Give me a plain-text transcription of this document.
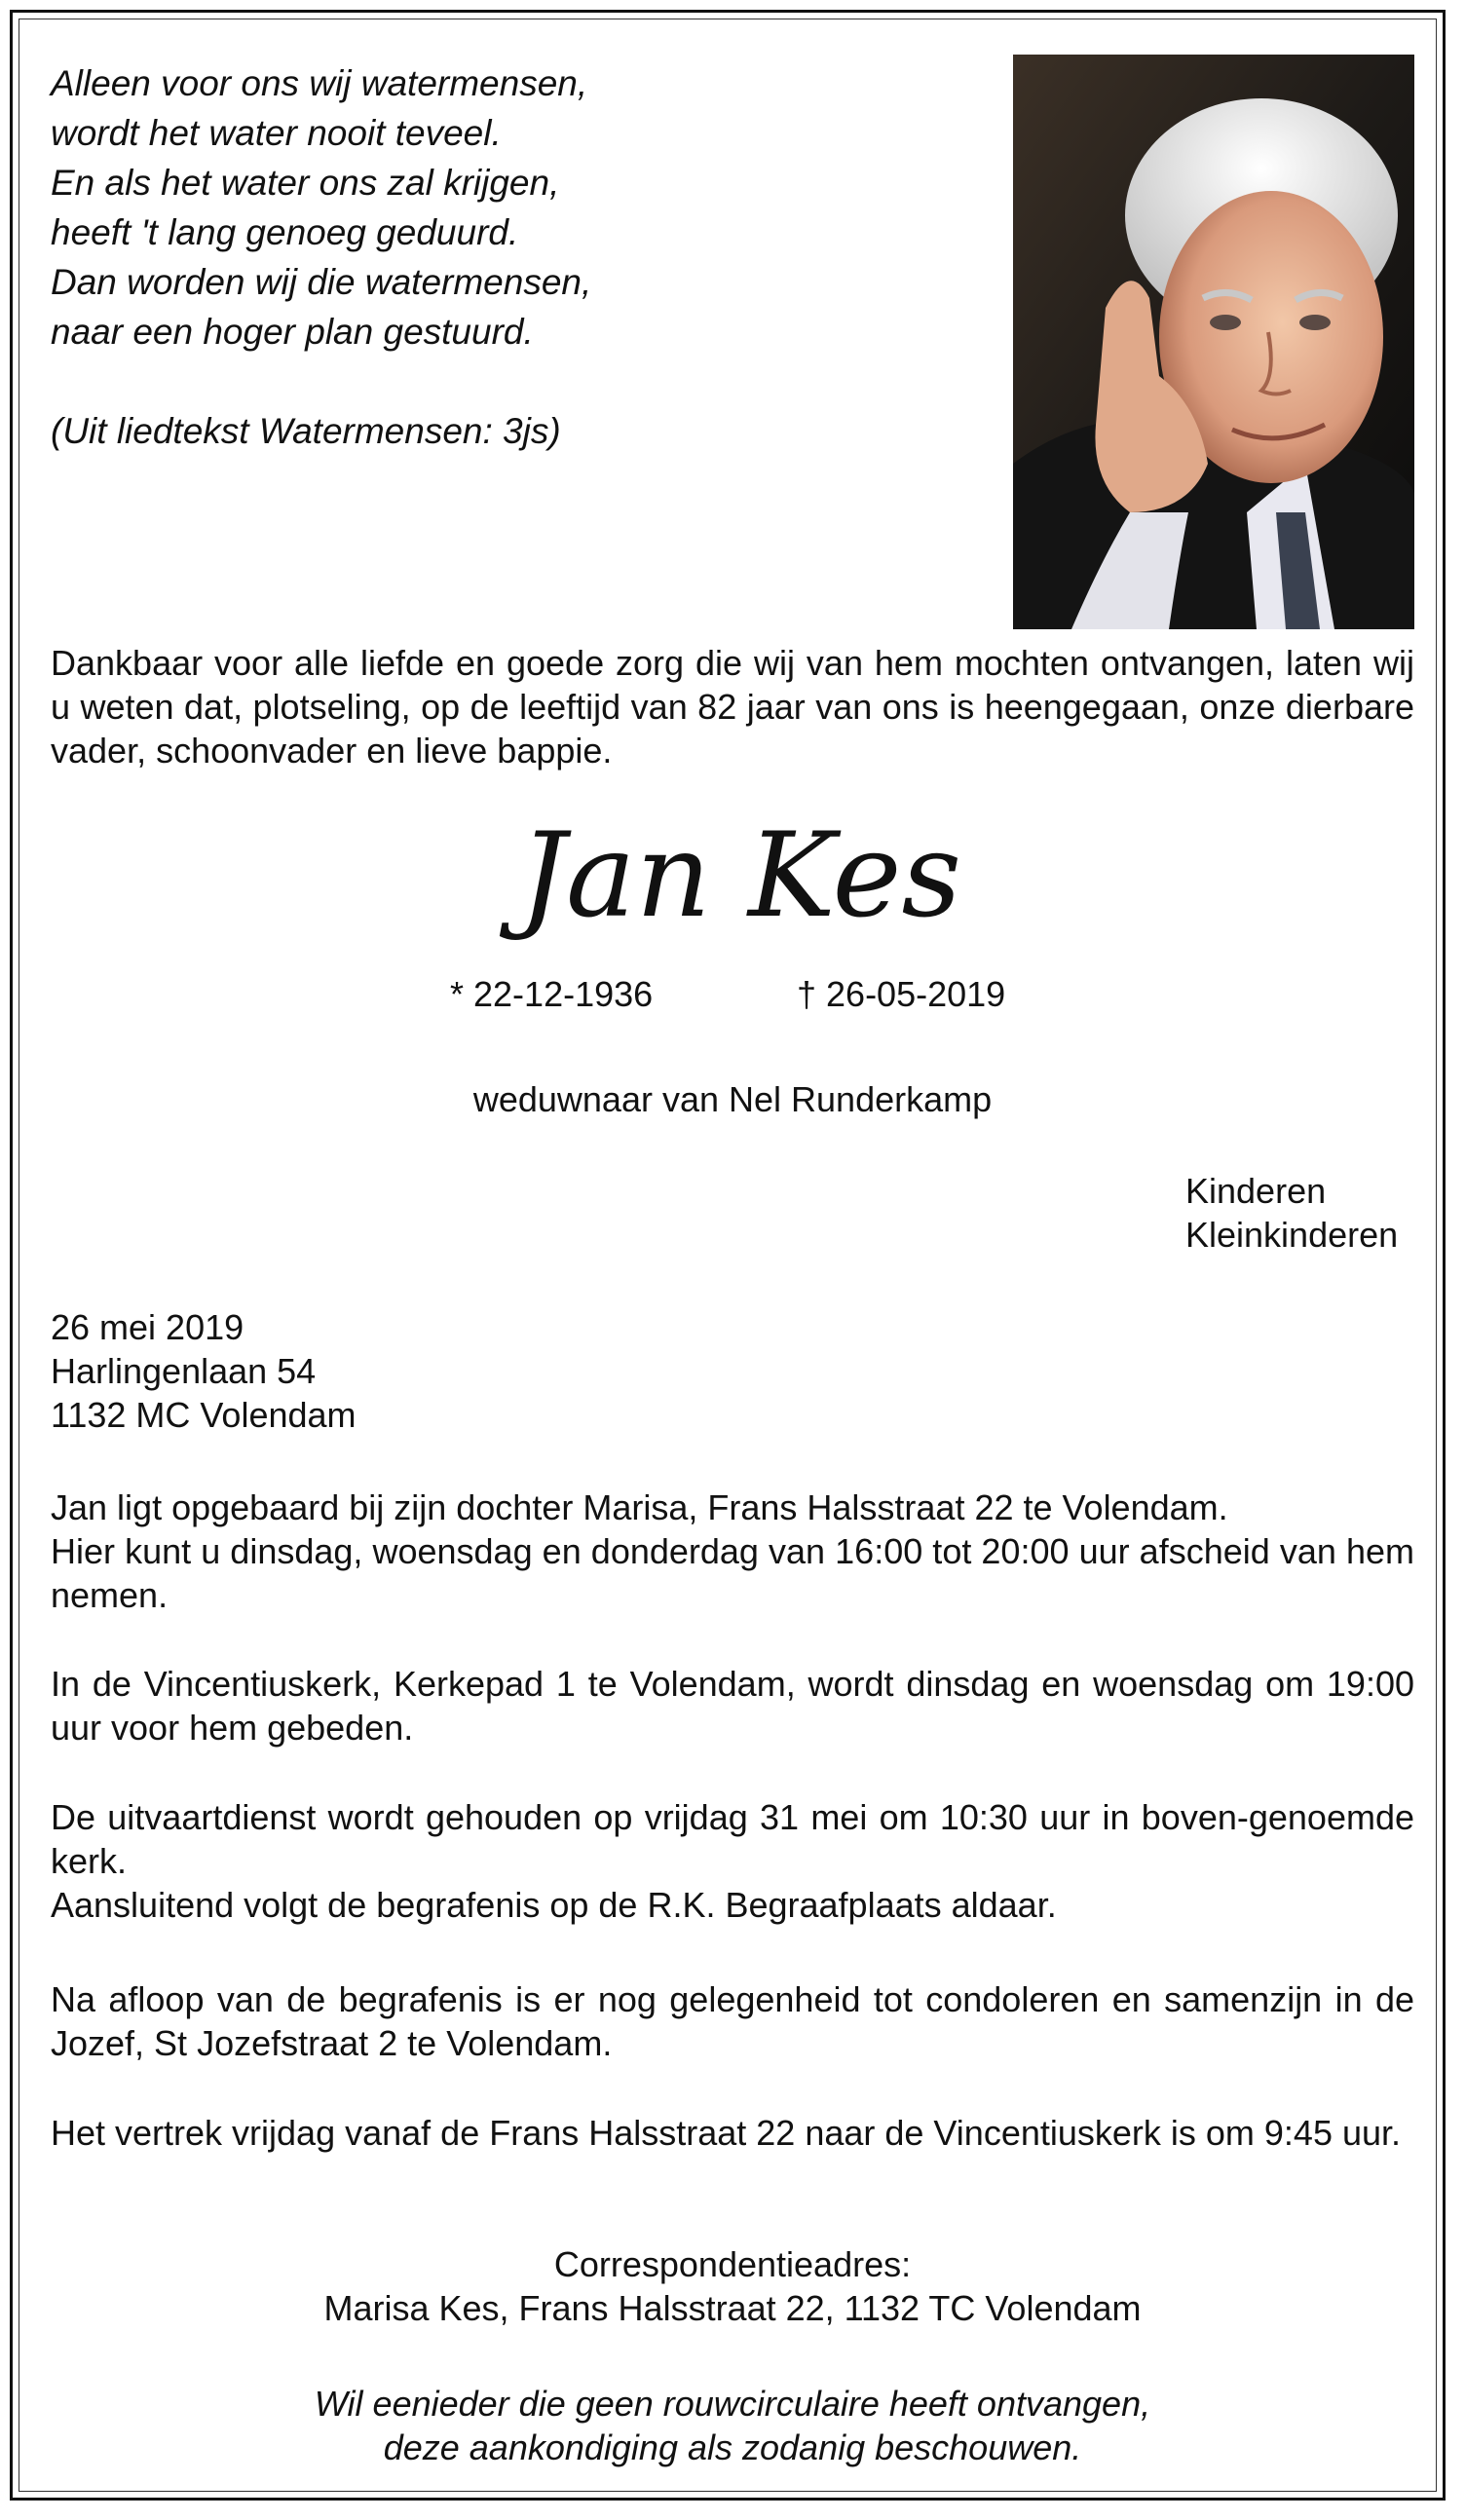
Alleen voor ons wij watermensen,
wordt het water nooit teveel.
En als het water ons zal krijgen,
heeft 't lang genoeg geduurd.
Dan worden wij die watermensen,
naar een hoger plan gestuurd.
(Uit liedtekst Watermensen: 3js)
Dankbaar voor alle liefde en goede zorg die wij van hem mochten ontvangen, laten wij u weten dat, plotseling, op de leeftijd van 82 jaar van ons is heengegaan, onze dierbare vader, schoonvader en lieve bappie.
Jan Kes
* 22-12-1936	† 26-05-2019
weduwnaar van Nel Runderkamp
Kinderen
Kleinkinderen
26 mei 2019
Harlingenlaan 54
1132 MC Volendam
Jan ligt opgebaard bij zijn dochter Marisa, Frans Halsstraat 22 te Volendam.
Hier kunt u dinsdag, woensdag en donderdag van 16:00 tot 20:00 uur afscheid van hem nemen.
In de Vincentiuskerk, Kerkepad 1 te Volendam, wordt dinsdag en woensdag om 19:00 uur voor hem gebeden.
De uitvaartdienst wordt gehouden op vrijdag 31 mei om 10:30 uur in boven-genoemde kerk.
Aansluitend volgt de begrafenis op de R.K. Begraafplaats aldaar.
Na afloop van de begrafenis is er nog gelegenheid tot condoleren en samenzijn in de Jozef, St Jozefstraat 2 te Volendam.
Het vertrek vrijdag vanaf de Frans Halsstraat 22 naar de Vincentiuskerk is om 9:45 uur.
Correspondentieadres:
Marisa Kes, Frans Halsstraat 22, 1132 TC Volendam
Wil eenieder die geen rouwcirculaire heeft ontvangen,
deze aankondiging als zodanig beschouwen.
